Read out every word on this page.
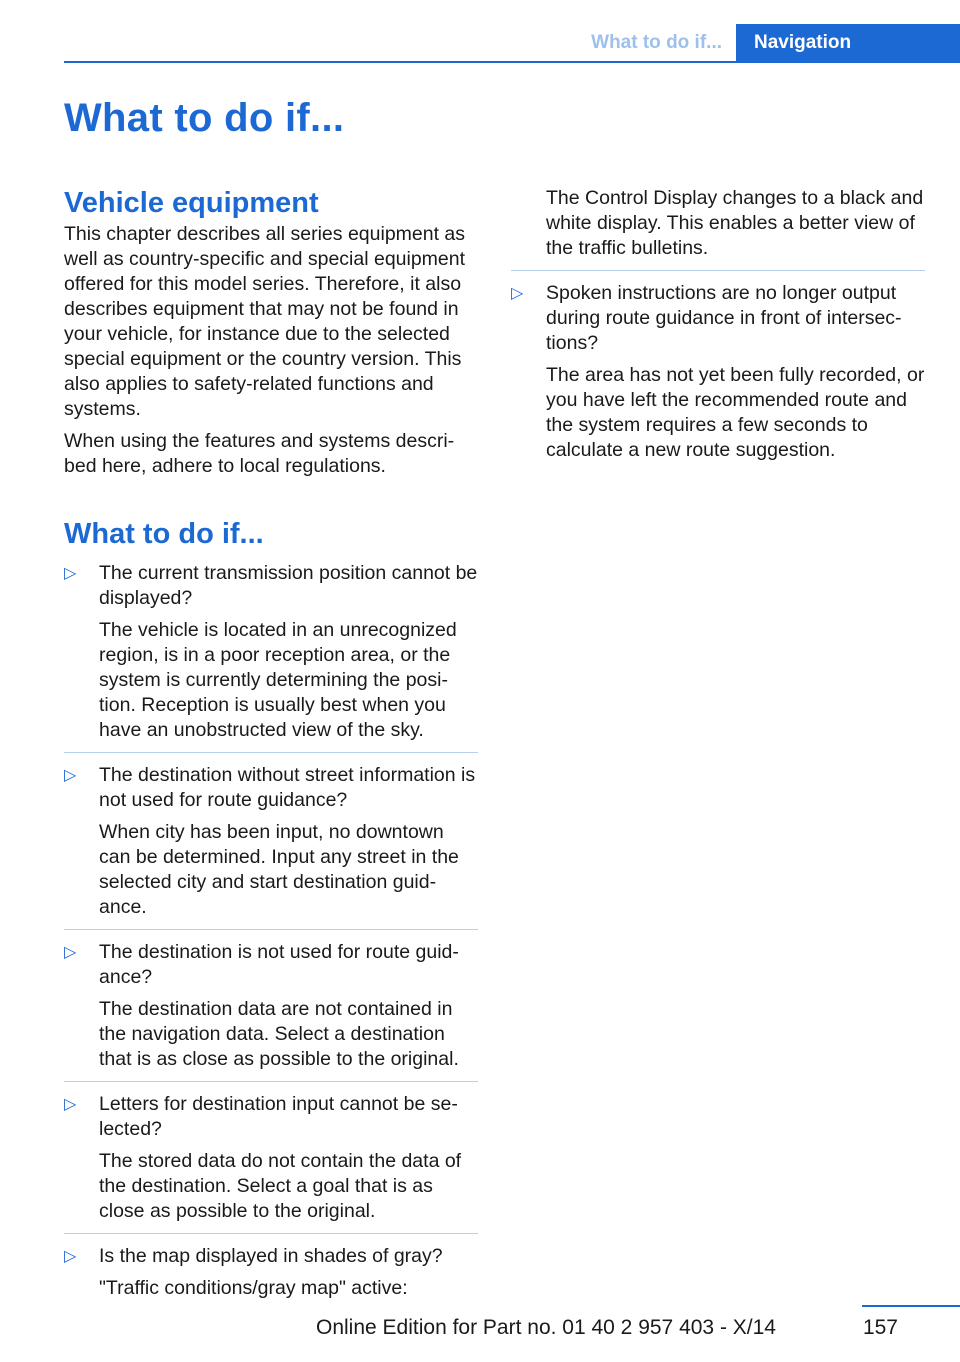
What to do if...	Navigation
What to do if...
Vehicle equipment

This chapter describes all series equipment as well as country-specific and special equipment offered for this model series. Therefore, it also describes equipment that may not be found in your vehicle, for instance due to the selected special equipment or the country version. This also applies to safety-related functions and systems.

When using the features and systems descri-bed here, adhere to local regulations.

What to do if...
▷ The current transmission position cannot be displayed?

The vehicle is located in an unrecognized region, is in a poor reception area, or the system is currently determining the posi-tion. Reception is usually best when you have an unobstructed view of the sky.

▷ The destination without street information is not used for route guidance?

When city has been input, no downtown can be determined. Input any street in the selected city and start destination guid-ance.

▷ The destination is not used for route guid-ance?

The destination data are not contained in the navigation data. Select a destination that is as close as possible to the original.

▷ Letters for destination input cannot be se-lected?

The stored data do not contain the data of the destination. Select a goal that is as close as possible to the original.

▷ Is the map displayed in shades of gray?

"Traffic conditions/gray map" active:

The Control Display changes to a black and white display. This enables a better view of the traffic bulletins.

▷ Spoken instructions are no longer output during route guidance in front of intersec-tions?

The area has not yet been fully recorded, or you have left the recommended route and the system requires a few seconds to calculate a new route suggestion.

157
Online Edition for Part no. 01 40 2 957 403 - X/14
